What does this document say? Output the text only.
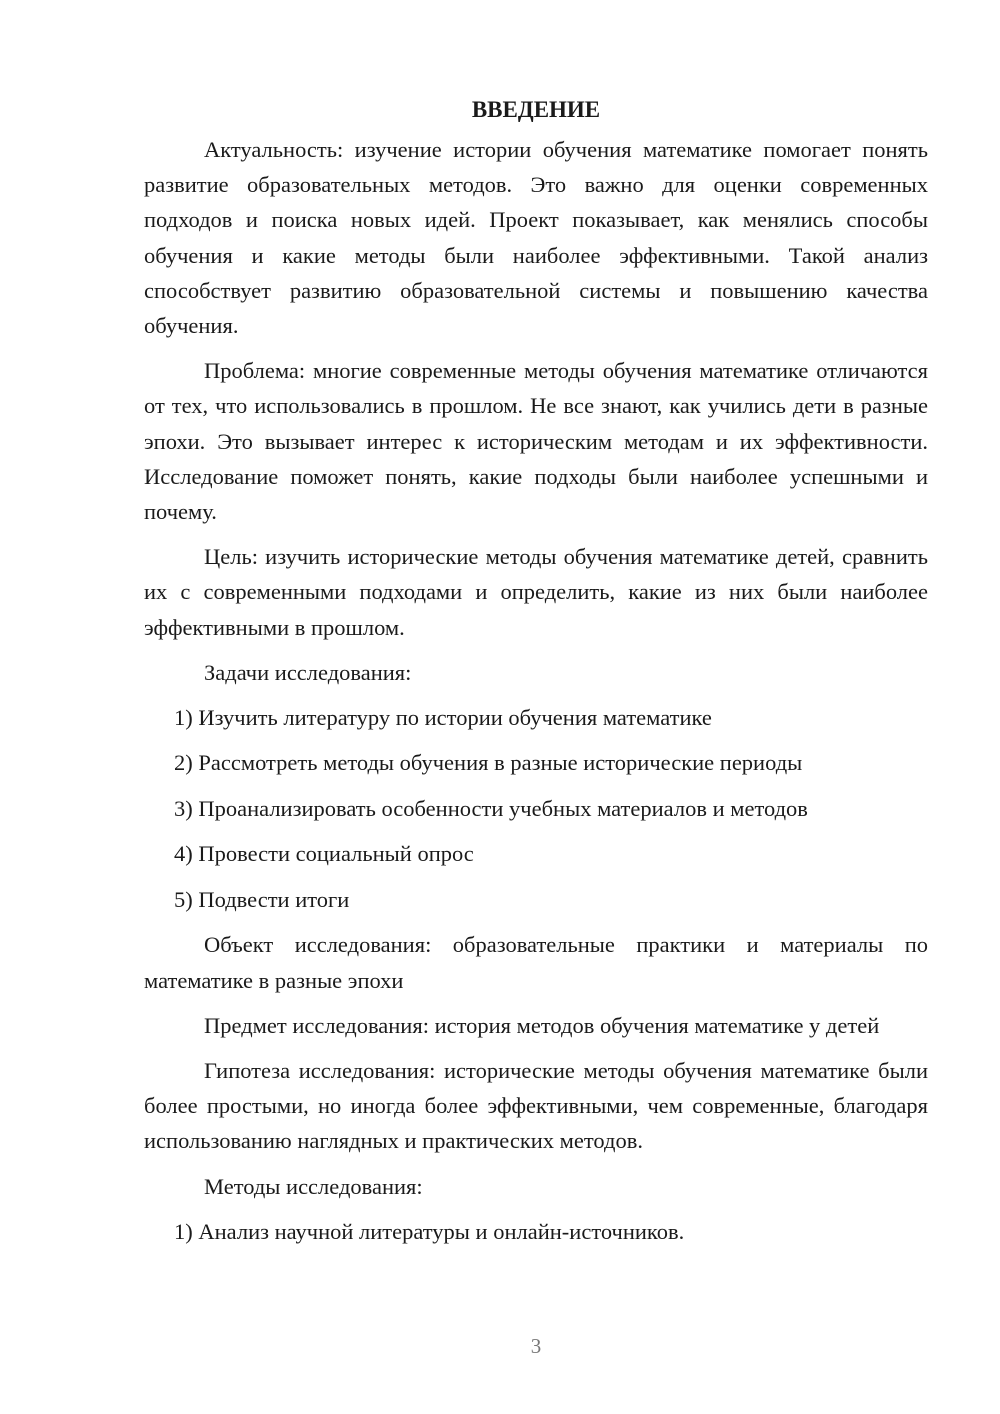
ВВЕДЕНИЕ

Актуальность: изучение истории обучения математике помогает понять развитие образовательных методов. Это важно для оценки современных подходов и поиска новых идей. Проект показывает, как менялись способы обучения и какие методы были наиболее эффективными. Такой анализ способствует развитию образовательной системы и повышению качества обучения.

Проблема: многие современные методы обучения математике отличаются от тех, что использовались в прошлом. Не все знают, как учились дети в разные эпохи. Это вызывает интерес к историческим методам и их эффективности. Исследование поможет понять, какие подходы были наиболее успешными и почему.

Цель: изучить исторические методы обучения математике детей, сравнить их с современными подходами и определить, какие из них были наиболее эффективными в прошлом.

Задачи исследования:
1) Изучить литературу по истории обучения математике
2) Рассмотреть методы обучения в разные исторические периоды
3) Проанализировать особенности учебных материалов и методов
4) Провести социальный опрос
5) Подвести итоги

Объект исследования: образовательные практики и материалы по математике в разные эпохи

Предмет исследования: история методов обучения математике у детей

Гипотеза исследования: исторические методы обучения математике были более простыми, но иногда более эффективными, чем современные, благодаря использованию наглядных и практических методов.

Методы исследования:
1) Анализ научной литературы и онлайн-источников.
3
